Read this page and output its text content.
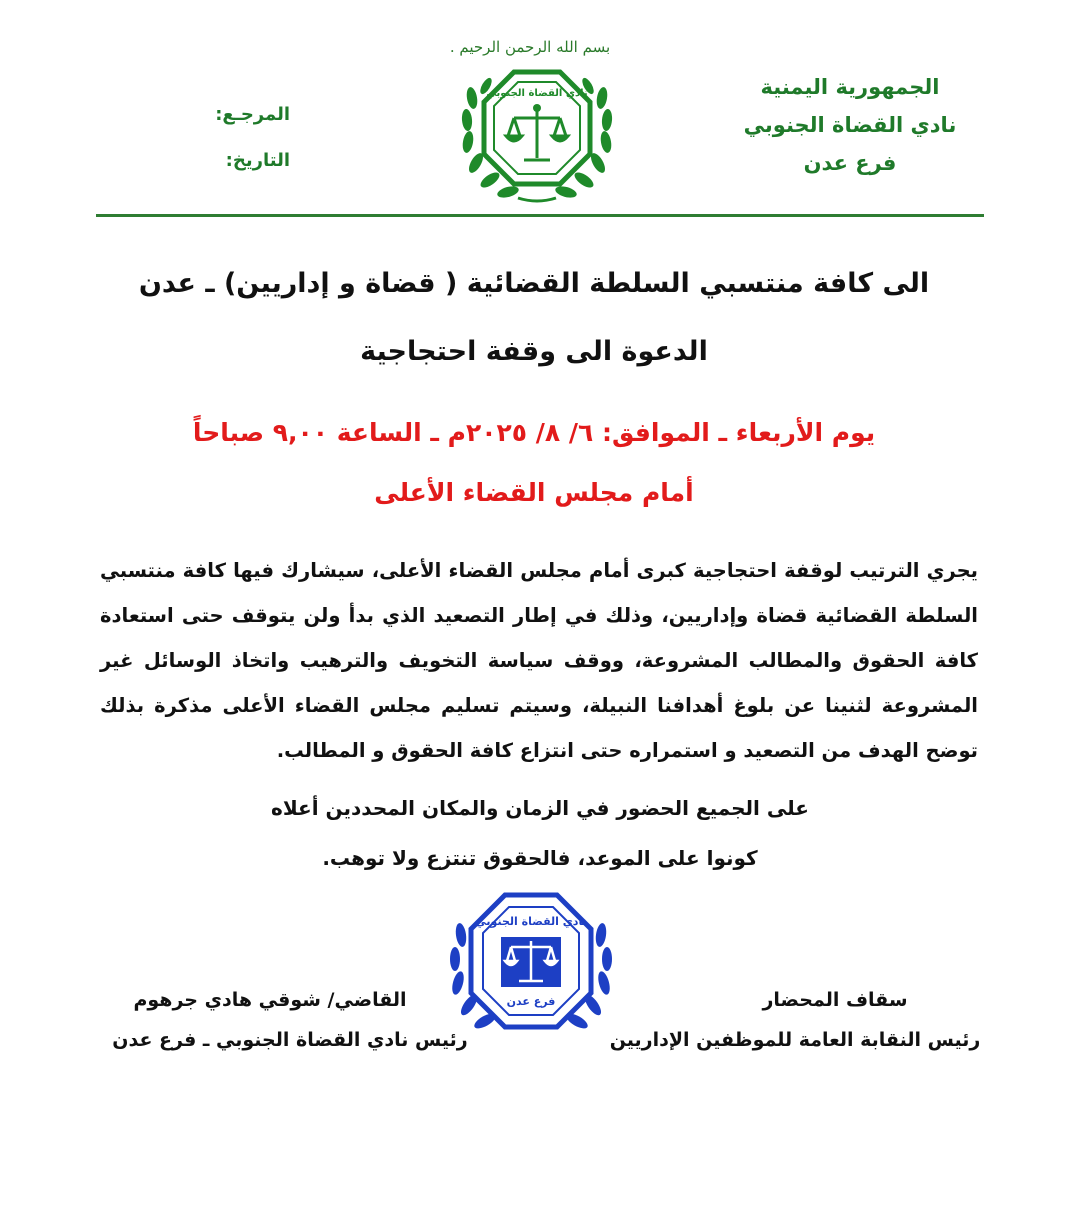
بسم الله الرحمن الرحيم .
الجمهورية اليمنية
نادي القضاة الجنوبي
فرع عدن
المرجـع:
التاريخ:
نادي القضاة الجنوبي
الى كافة منتسبي السلطة القضائية ( قضاة و إداريين) ـ عدن
الدعوة الى وقفة احتجاجية
يوم الأربعاء ـ الموافق: ٦/ ٨/ ٢٠٢٥م ـ الساعة ٩,٠٠ صباحاً
أمام مجلس القضاء الأعلى
يجري الترتيب لوقفة احتجاجية كبرى أمام مجلس القضاء الأعلى، سيشارك فيها كافة منتسبي السلطة القضائية قضاة وإداريين، وذلك في إطار التصعيد الذي بدأ ولن يتوقف حتى استعادة كافة الحقوق والمطالب المشروعة، ووقف سياسة التخويف والترهيب واتخاذ الوسائل غير المشروعة لثنينا عن بلوغ أهدافنا النبيلة، وسيتم تسليم مجلس القضاء الأعلى مذكرة بذلك توضح الهدف من التصعيد و استمراره حتى انتزاع كافة الحقوق و المطالب.
على الجميع الحضور في الزمان والمكان المحددين أعلاه
كونوا على الموعد، فالحقوق تنتزع ولا توهب.
نادي القضاة الجنوبي
فرع عدن
القاضي/ شوقي هادي جرهوم
رئيس نادي القضاة الجنوبي ـ فرع عدن
سقاف المحضار
رئيس النقابة العامة للموظفين الإداريين
